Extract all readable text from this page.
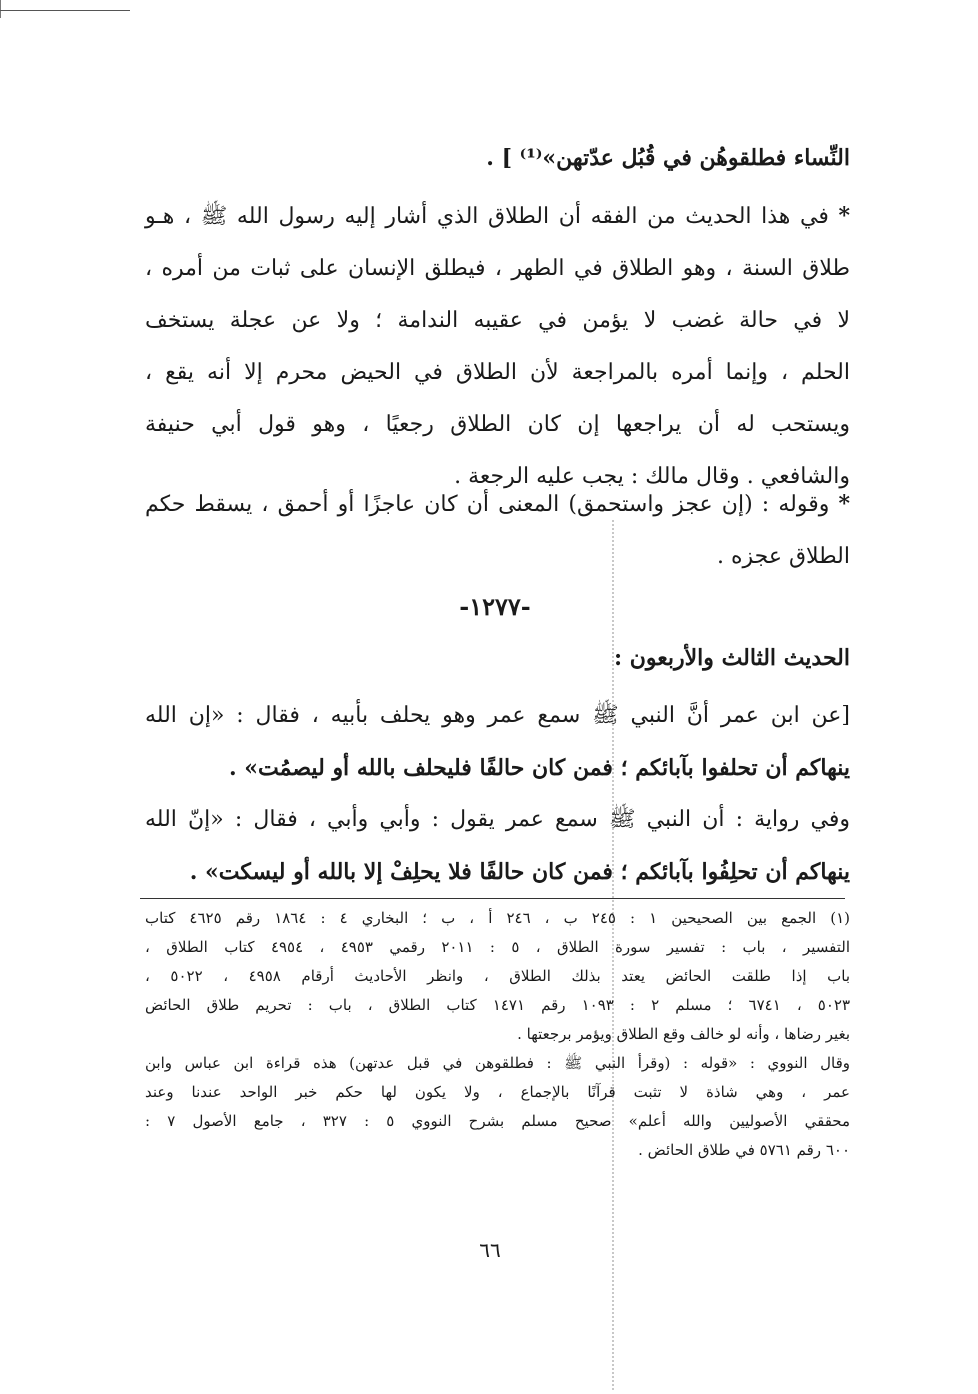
النِّساء فطلقوهُن في قُبُل عدّتهن»⁽¹⁾ ] .
* في هذا الحديث من الفقه أن الطلاق الذي أشار إليه رسول الله ﷺ ، هـو
طلاق السنة ، وهو الطلاق في الطهر ، فيطلق الإنسان على ثبات من أمره ،
لا في حالة غضب لا يؤمن في عقيبه الندامة ؛ ولا عن عجلة يستخف
الحلم ، وإنما أمره بالمراجعة لأن الطلاق في الحيض محرم إلا أنه يقع ،
ويستحب له أن يراجعها إن كان الطلاق رجعيًا ، وهو قول أبي حنيفة
والشافعي . وقال مالك : يجب عليه الرجعة .
* وقوله : (إن عجز واستحمق) المعنى أن كان عاجزًا أو أحمق ، يسقط حكم
الطلاق عجزه .
-١٢٧٧-
الحديث الثالث والأربعون :
[عن ابن عمر أنَّ النبي ﷺ سمع عمر وهو يحلف بأبيه ، فقال : «إن الله
ينهاكم أن تحلفوا بآبائكم ؛ فمن كان حالفًا فليحلف بالله أو ليصمُت» .
وفي رواية : أن النبي ﷺ سمع عمر يقول : وأبي وأبي ، فقال : «إنّ الله
ينهاكم أن تحلِفُوا بآبائكم ؛ فمن كان حالفًا فلا يحلِفْ إلا بالله أو ليسكت» .
(١) الجمع بين الصحيحين ١ : ٢٤٥ ب ، ٢٤٦ أ ، ب ؛ البخاري ٤ : ١٨٦٤ رقم ٤٦٢٥ كتاب
التفسير ، باب : تفسير سورة الطلاق ، ٥ : ٢٠١١ رقمي ٤٩٥٣ ، ٤٩٥٤ كتاب الطلاق ،
باب إذا طلقت الحائض يعتد بذلك الطلاق ، وانظر الأحاديث أرقام ٤٩٥٨ ، ٥٠٢٢ ،
٥٠٢٣ ، ٦٧٤١ ؛ مسلم ٢ : ١٠٩٣ رقم ١٤٧١ كتاب الطلاق ، باب : تحريم طلاق الحائض
بغير رضاها ، وأنه لو خالف وقع الطلاق ويؤمر برجعتها .
وقال النووي : «قوله : (وقرأ النبي ﷺ : فطلقوهن في قبل عدتهن) هذه قراءة ابن عباس وابن
عمر ، وهي شاذة لا تثبت قرآنًا بالإجماع ، ولا يكون لها حكم خبر الواحد عندنا وعند
محققي الأصوليين والله أعلم» صحيح مسلم بشرح النووي ٥ : ٣٢٧ ، جامع الأصول ٧ :
٦٠٠ رقم ٥٧٦١ في طلاق الحائض .
٦٦
